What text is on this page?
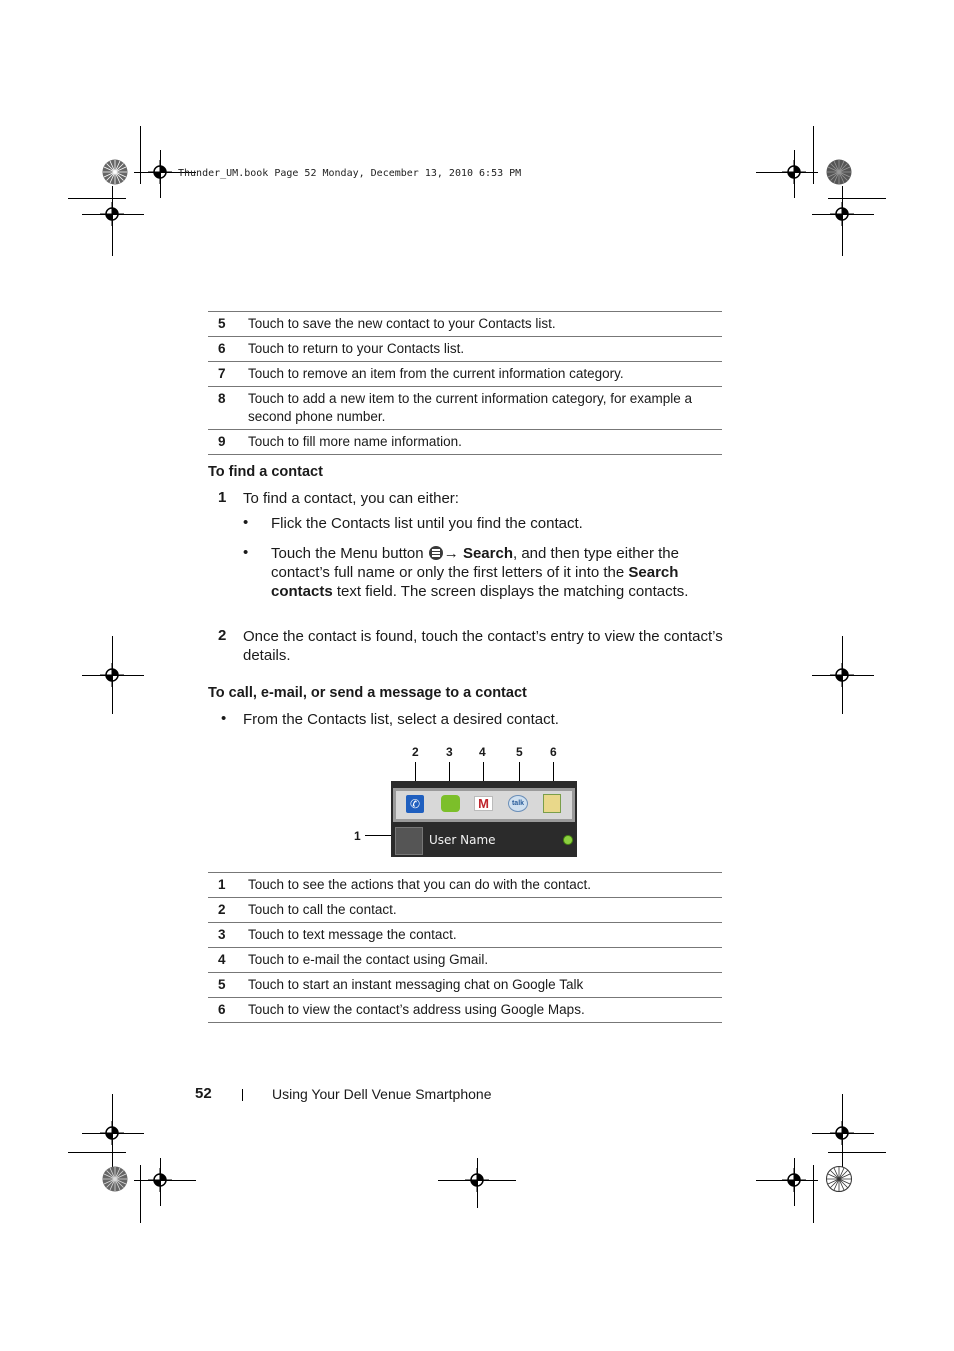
Thunder_UM.book Page 52 Monday, December 13, 2010 6:53 PM
5	Touch to save the new contact to your Contacts list.
6	Touch to return to your Contacts list.
7	Touch to remove an item from the current information category.
8	Touch to add a new item to the current information category, for example a second phone number.
9	Touch to fill more name information.
To find a contact
1 To find a contact, you can either:
• Flick the Contacts list until you find the contact.
• Touch the Menu button → Search, and then type either the contact’s full name or only the first letters of it into the Search contacts text field. The screen displays the matching contacts.
2 Once the contact is found, touch the contact’s entry to view the contact’s details.
To call, e-mail, or send a message to a contact
• From the Contacts list, select a desired contact.
2 3 4	5 6
1
✆	M	talk
User Name
1	Touch to see the actions that you can do with the contact.
2	Touch to call the contact.
3	Touch to text message the contact.
4	Touch to e-mail the contact using Gmail.
5	Touch to start an instant messaging chat on Google Talk
6	Touch to view the contact’s address using Google Maps.
52	Using Your Dell Venue Smartphone
